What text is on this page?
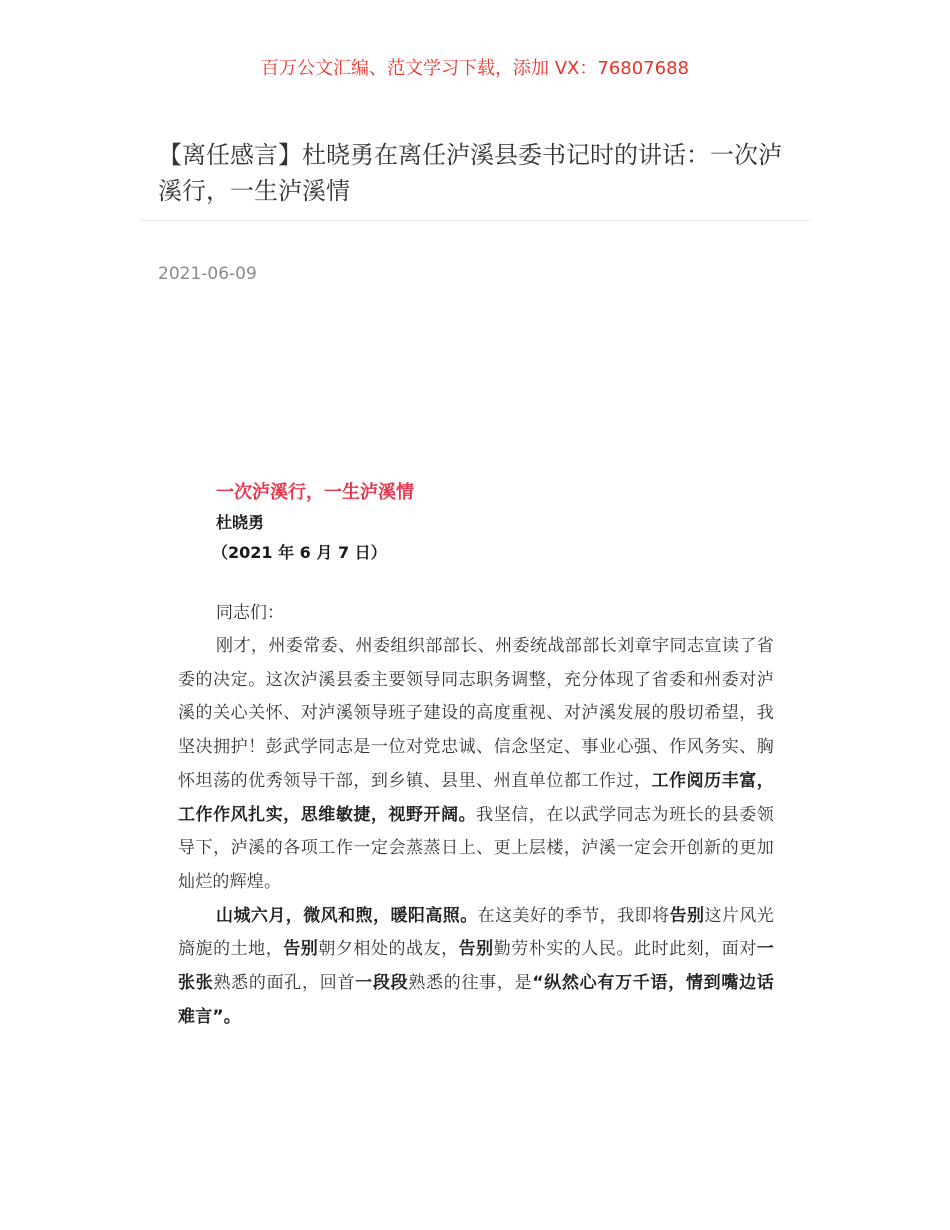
百万公文汇编、范文学习下载，添加 VX：76807688
【离任感言】杜晓勇在离任泸溪县委书记时的讲话：一次泸溪行，一生泸溪情
2021-06-09

一次泸溪行，一生泸溪情

杜晓勇

（2021 年 6 月 7 日）

同志们：

刚才，州委常委、州委组织部部长、州委统战部部长刘章宇同志宣读了省委的决定。这次泸溪县委主要领导同志职务调整，充分体现了省委和州委对泸溪的关心关怀、对泸溪领导班子建设的高度重视、对泸溪发展的殷切希望，我坚决拥护！彭武学同志是一位对党忠诚、信念坚定、事业心强、作风务实、胸怀坦荡的优秀领导干部，到乡镇、县里、州直单位都工作过，工作阅历丰富，工作作风扎实，思维敏捷，视野开阔。我坚信，在以武学同志为班长的县委领导下，泸溪的各项工作一定会蒸蒸日上、更上层楼，泸溪一定会开创新的更加灿烂的辉煌。

山城六月，微风和煦，暖阳高照。在这美好的季节，我即将告别这片风光旖旎的土地，告别朝夕相处的战友，告别勤劳朴实的人民。此时此刻，面对一张张熟悉的面孔，回首一段段熟悉的往事，是“纵然心有万千语，情到嘴边话难言”。
